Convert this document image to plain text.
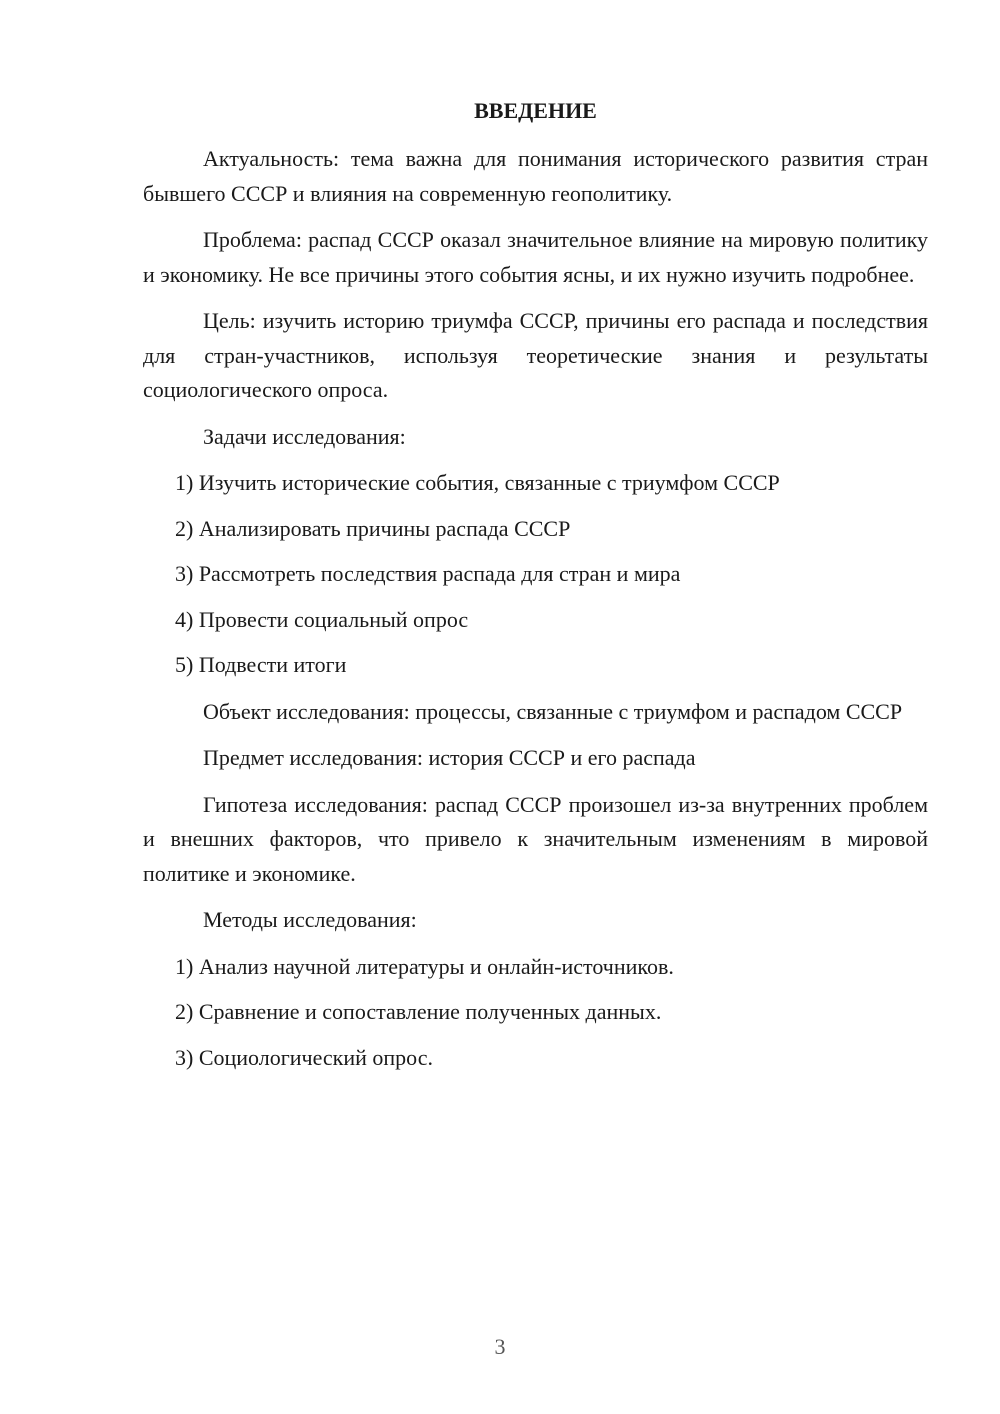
ВВЕДЕНИЕ

Актуальность: тема важна для понимания исторического развития стран бывшего СССР и влияния на современную геополитику.

Проблема: распад СССР оказал значительное влияние на мировую политику и экономику. Не все причины этого события ясны, и их нужно изучить подробнее.

Цель: изучить историю триумфа СССР, причины его распада и последствия для стран-участников, используя теоретические знания и результаты социологического опроса.

Задачи исследования:

1) Изучить исторические события, связанные с триумфом СССР
2) Анализировать причины распада СССР
3) Рассмотреть последствия распада для стран и мира
4) Провести социальный опрос
5) Подвести итоги

Объект исследования: процессы, связанные с триумфом и распадом СССР

Предмет исследования: история СССР и его распада

Гипотеза исследования: распад СССР произошел из-за внутренних проблем и внешних факторов, что привело к значительным изменениям в мировой политике и экономике.

Методы исследования:

1) Анализ научной литературы и онлайн-источников.
2) Сравнение и сопоставление полученных данных.
3) Социологический опрос.
3
